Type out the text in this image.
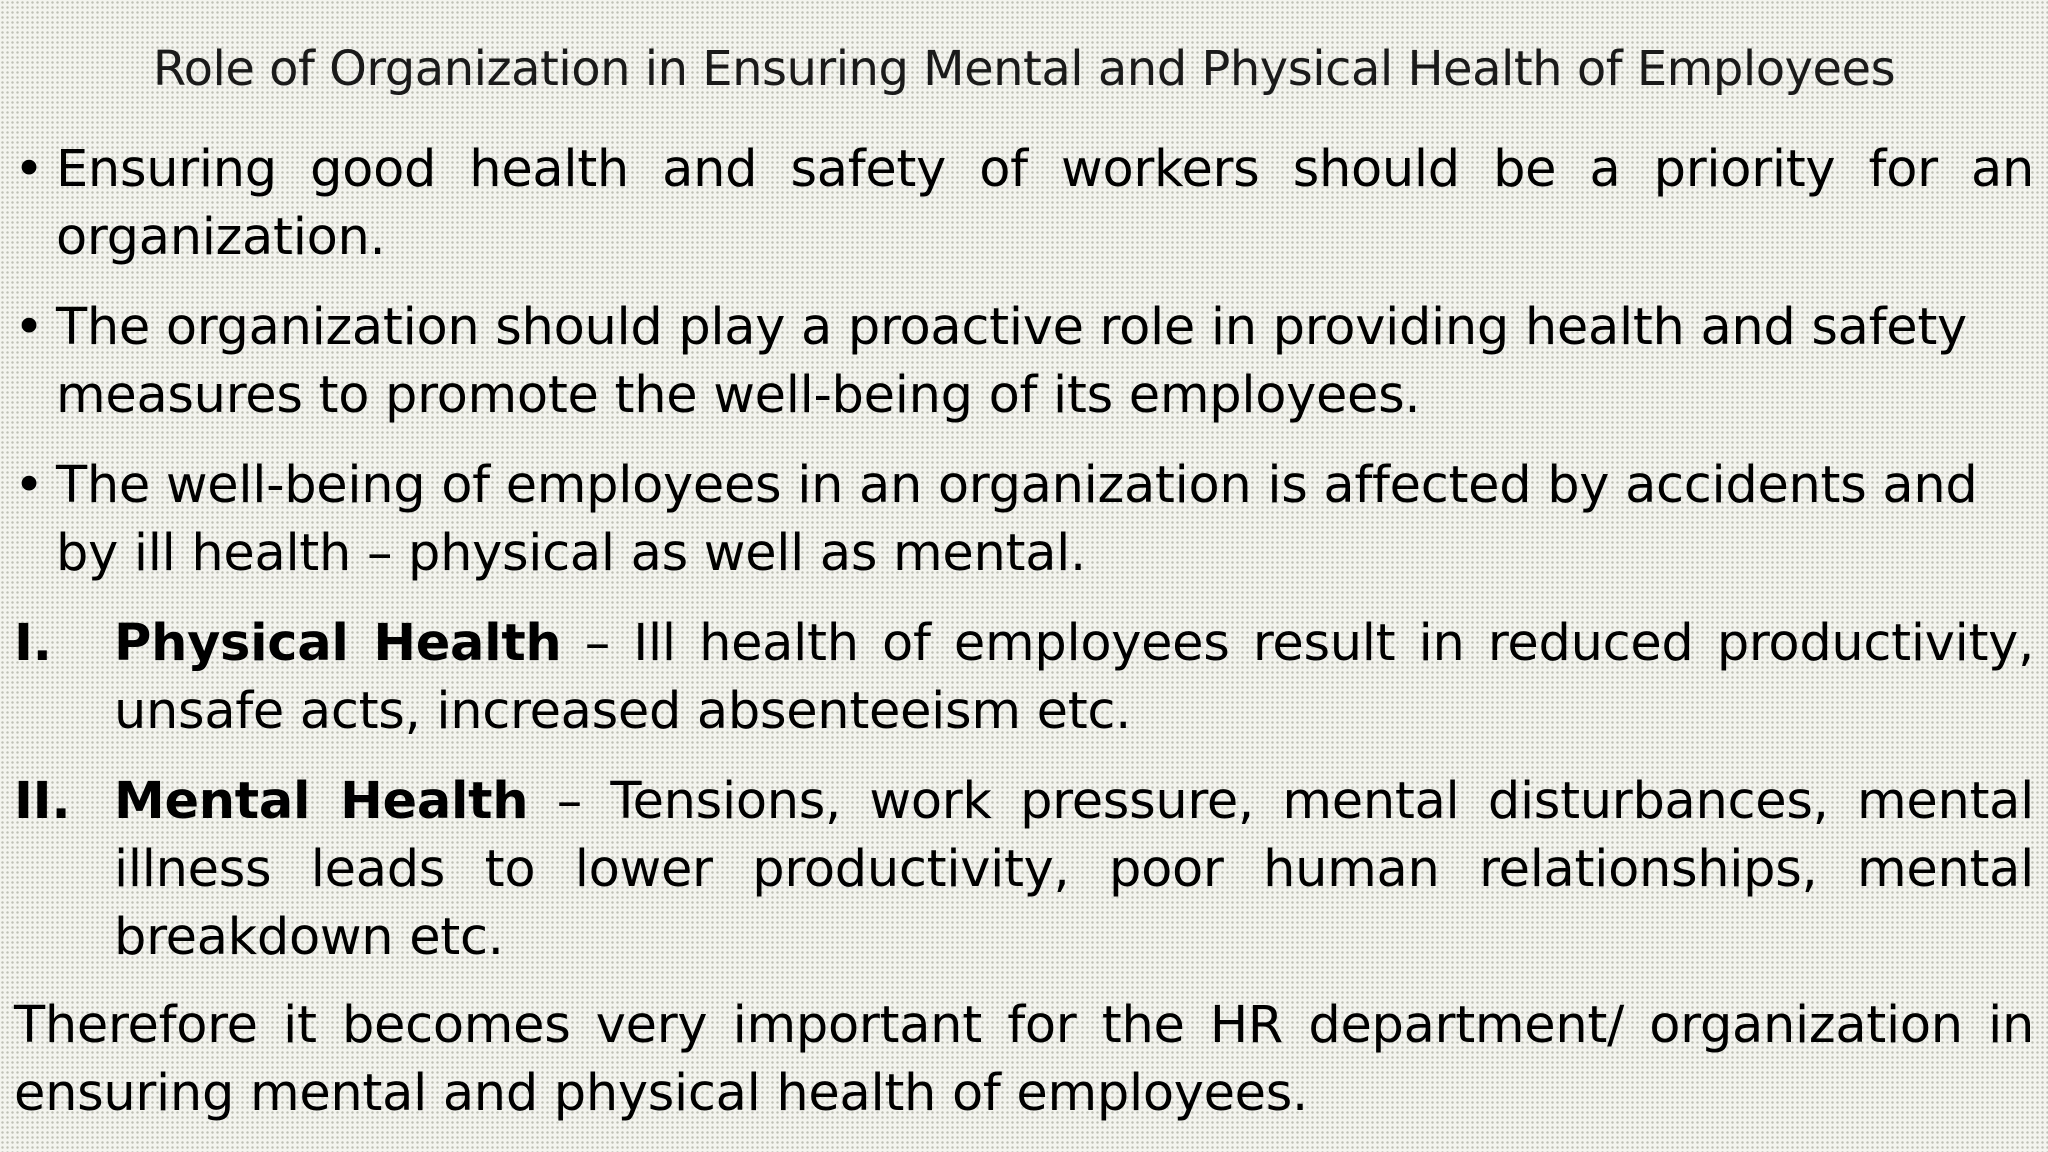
Role of Organization in Ensuring Mental and Physical Health of Employees
• Ensuring good health and safety of workers should be a priority for an organization.
• The organization should play a proactive role in providing health and safety measures to promote the well-being of its employees.
• The well-being of employees in an organization is affected by accidents and by ill health – physical as well as mental.
I. Physical Health – Ill health of employees result in reduced productivity, unsafe acts, increased absenteeism etc.
II. Mental Health – Tensions, work pressure, mental disturbances, mental illness leads to lower productivity, poor human relationships, mental breakdown etc.
Therefore it becomes very important for the HR department/ organization in ensuring mental and physical health of employees.
